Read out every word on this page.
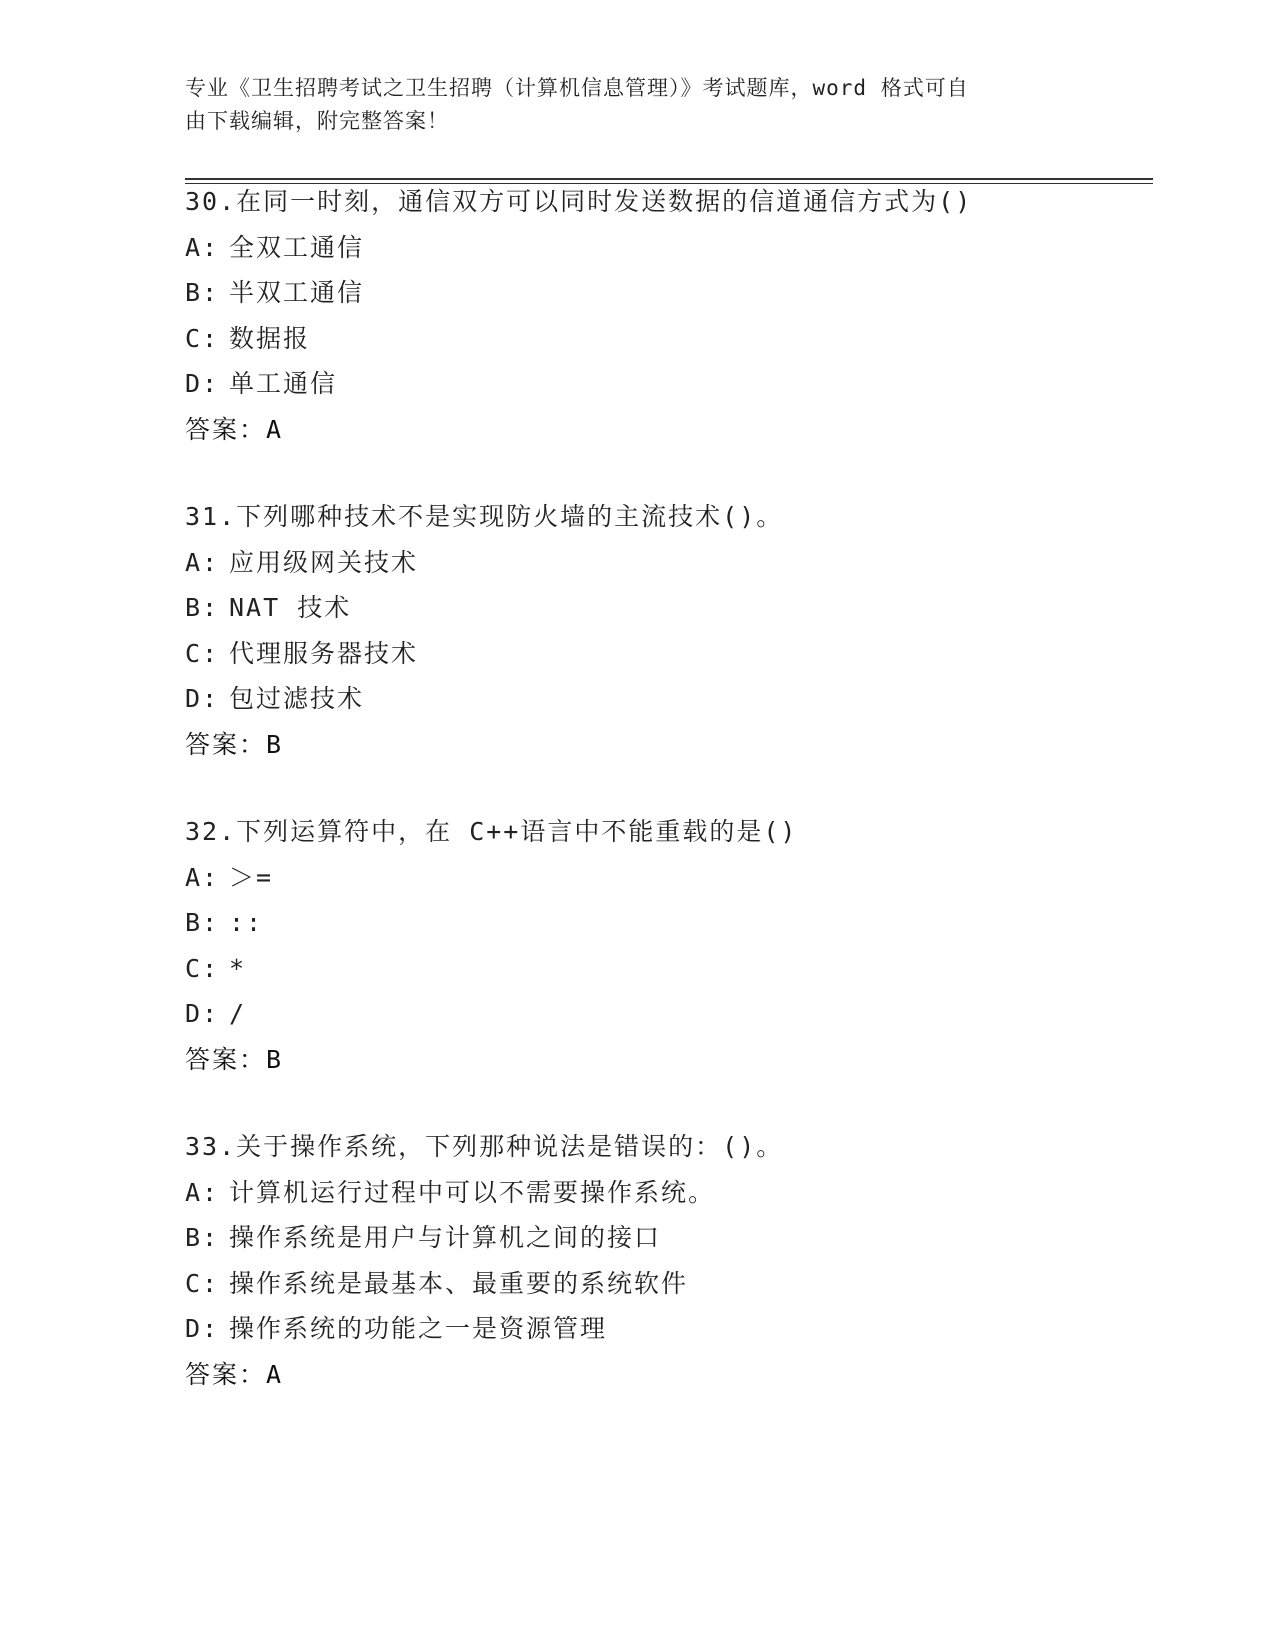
专业《卫生招聘考试之卫生招聘（计算机信息管理）》考试题库，word 格式可自
由下载编辑，附完整答案！
30.在同一时刻，通信双方可以同时发送数据的信道通信方式为()
A: 全双工通信
B: 半双工通信
C: 数据报
D: 单工通信
答案：A
31.下列哪种技术不是实现防火墙的主流技术()。
A: 应用级网关技术
B: NAT 技术
C: 代理服务器技术
D: 包过滤技术
答案：B
32.下列运算符中，在 C++语言中不能重载的是()
A: ＞=
B: ::
C: *
D: /
答案：B
33.关于操作系统，下列那种说法是错误的：()。
A: 计算机运行过程中可以不需要操作系统。
B: 操作系统是用户与计算机之间的接口
C: 操作系统是最基本、最重要的系统软件
D: 操作系统的功能之一是资源管理
答案：A
